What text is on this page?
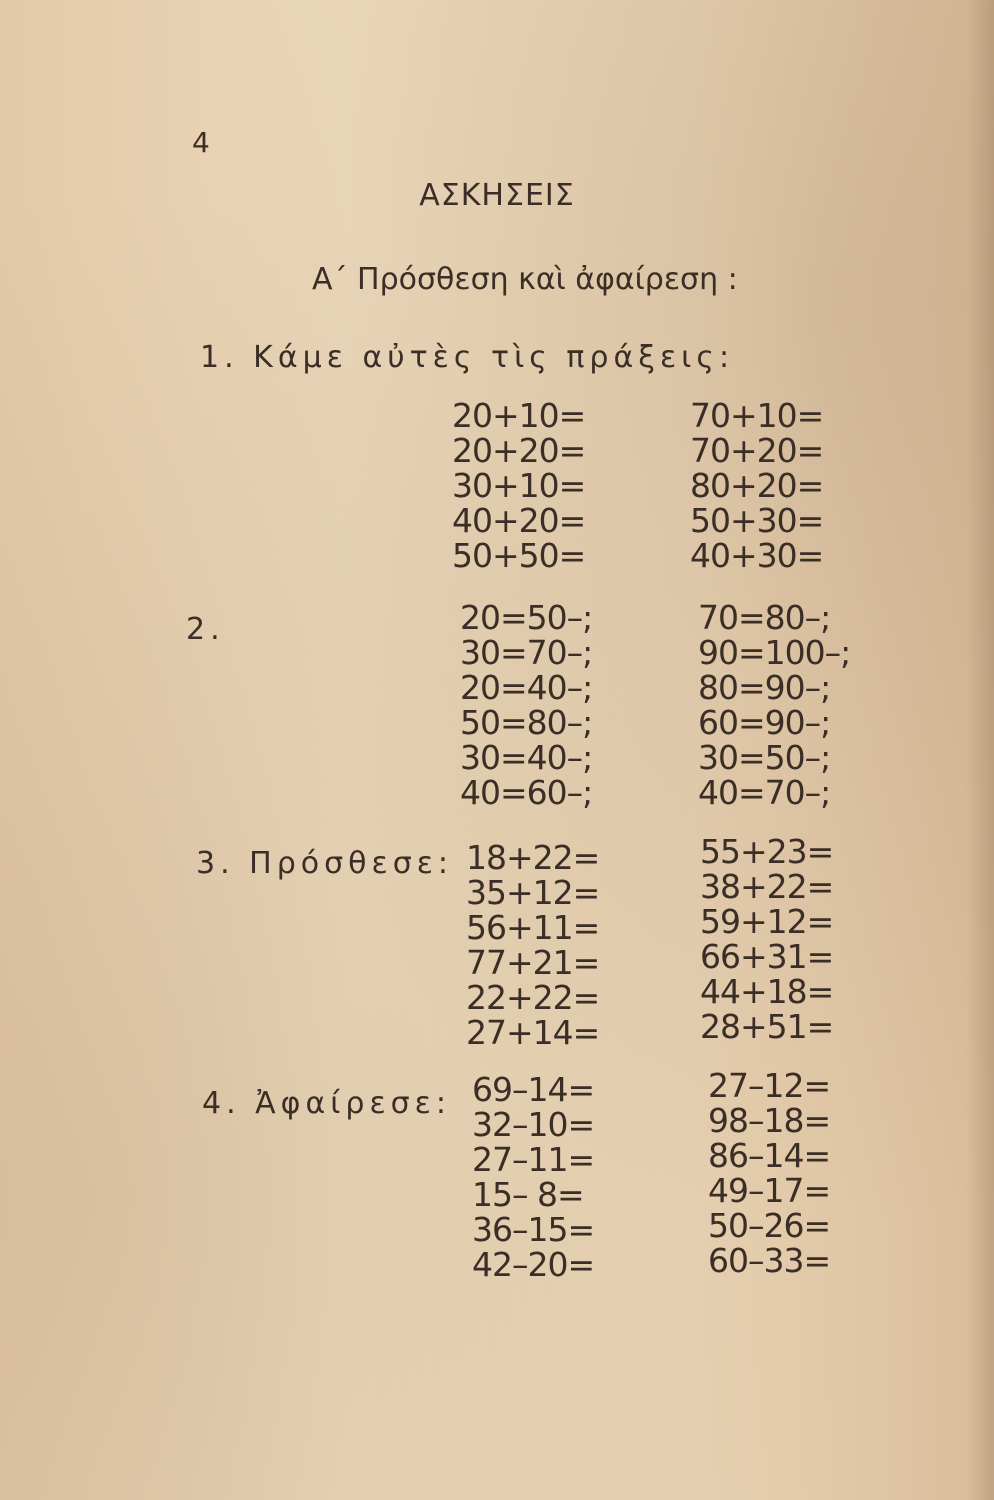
4
ΑΣΚΗΣΕΙΣ
Α΄ Πρόσθεση καὶ ἀφαίρεση :
1. Κάμε αὐτὲς τὶς πράξεις:
20+10=
20+20=
30+10=
40+20=
50+50=
70+10=
70+20=
80+20=
50+30=
40+30=
2.	20=50–;
30=70–;
20=40–;
50=80–;
30=40–;
40=60–;
70=80–;
90=100–;
80=90–;
60=90–;
30=50–;
40=70–;
3. Πρόσθεσε: 18+22=
35+12=
56+11=
77+21=
22+22=
27+14=
55+23=
38+22=
59+12=
66+31=
44+18=
28+51=
4. Ἀφαίρεσε: 69–14=
32–10=
27–11=
15– 8=
36–15=
42–20=
27–12=
98–18=
86–14=
49–17=
50–26=
60–33=
